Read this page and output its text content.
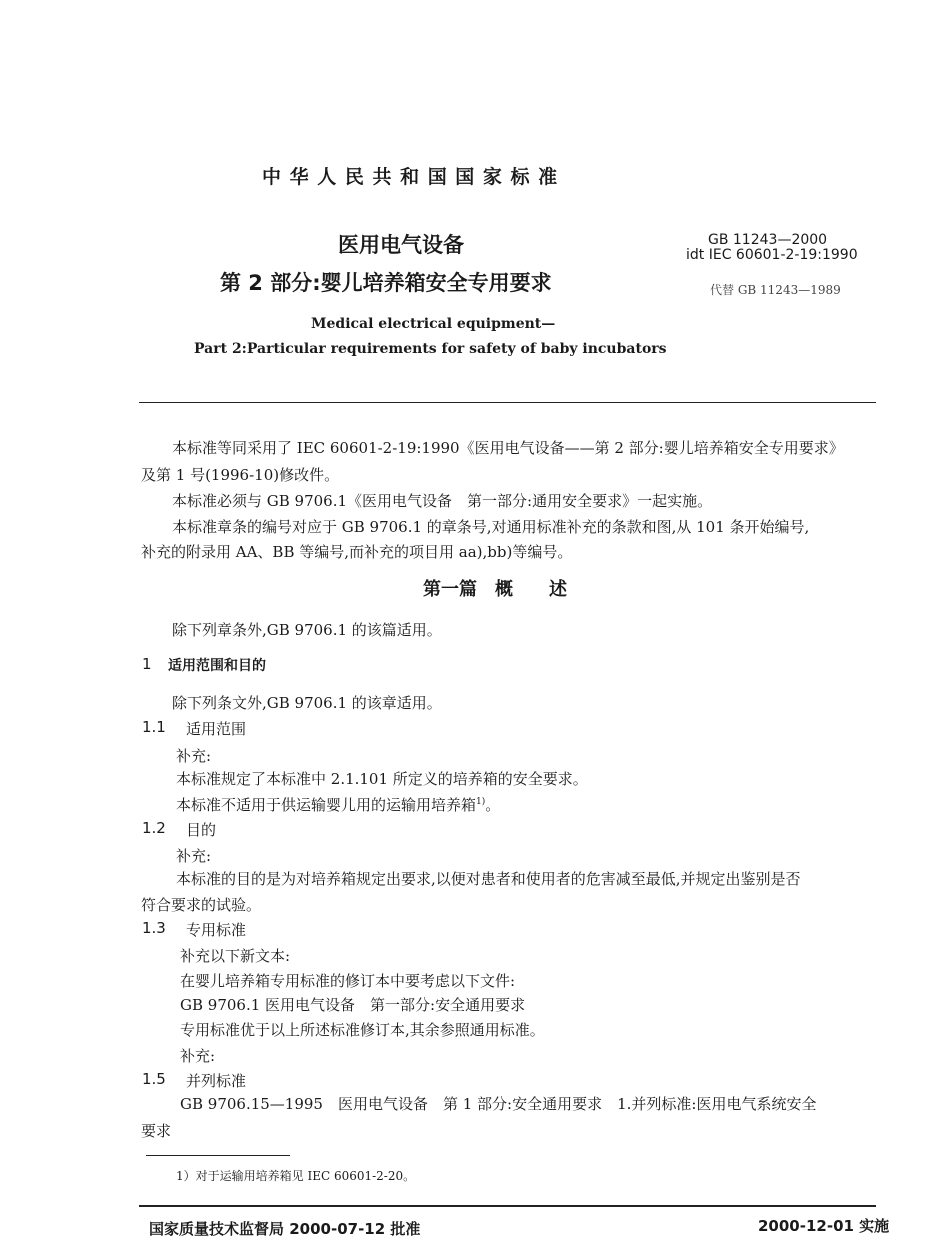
中 华 人 民 共 和 国 国 家 标 准
医用电气设备
第 2 部分:婴儿培养箱安全专用要求
GB 11243—2000
idt IEC 60601-2-19:1990
代替 GB 11243—1989
Medical electrical equipment—
Part 2:Particular requirements for safety of baby incubators
本标准等同采用了 IEC 60601-2-19:1990《医用电气设备——第 2 部分:婴儿培养箱安全专用要求》
及第 1 号(1996-10)修改件。
本标准必须与 GB 9706.1《医用电气设备　第一部分:通用安全要求》一起实施。
本标准章条的编号对应于 GB 9706.1 的章条号,对通用标准补充的条款和图,从 101 条开始编号,
补充的附录用 AA、BB 等编号,而补充的项目用 aa),bb)等编号。
第一篇　概　　述
除下列章条外,GB 9706.1 的该篇适用。
1 适用范围和目的
除下列条文外,GB 9706.1 的该章适用。
1.1 适用范围
补充:
本标准规定了本标准中 2.1.101 所定义的培养箱的安全要求。
本标准不适用于供运输婴儿用的运输用培养箱$^{1)}$。
1.2 目的
补充:
本标准的目的是为对培养箱规定出要求,以便对患者和使用者的危害减至最低,并规定出鉴别是否
符合要求的试验。
1.3 专用标准
补充以下新文本:
在婴儿培养箱专用标准的修订本中要考虑以下文件:
GB 9706.1 医用电气设备　第一部分:安全通用要求
专用标准优于以上所述标准修订本,其余参照通用标准。
补充:
1.5 并列标准
GB 9706.15—1995　医用电气设备　第 1 部分:安全通用要求　1.并列标准:医用电气系统安全
要求
1）对于运输用培养箱见 IEC 60601-2-20。
国家质量技术监督局 2000-07-12 批准	2000-12-01 实施
